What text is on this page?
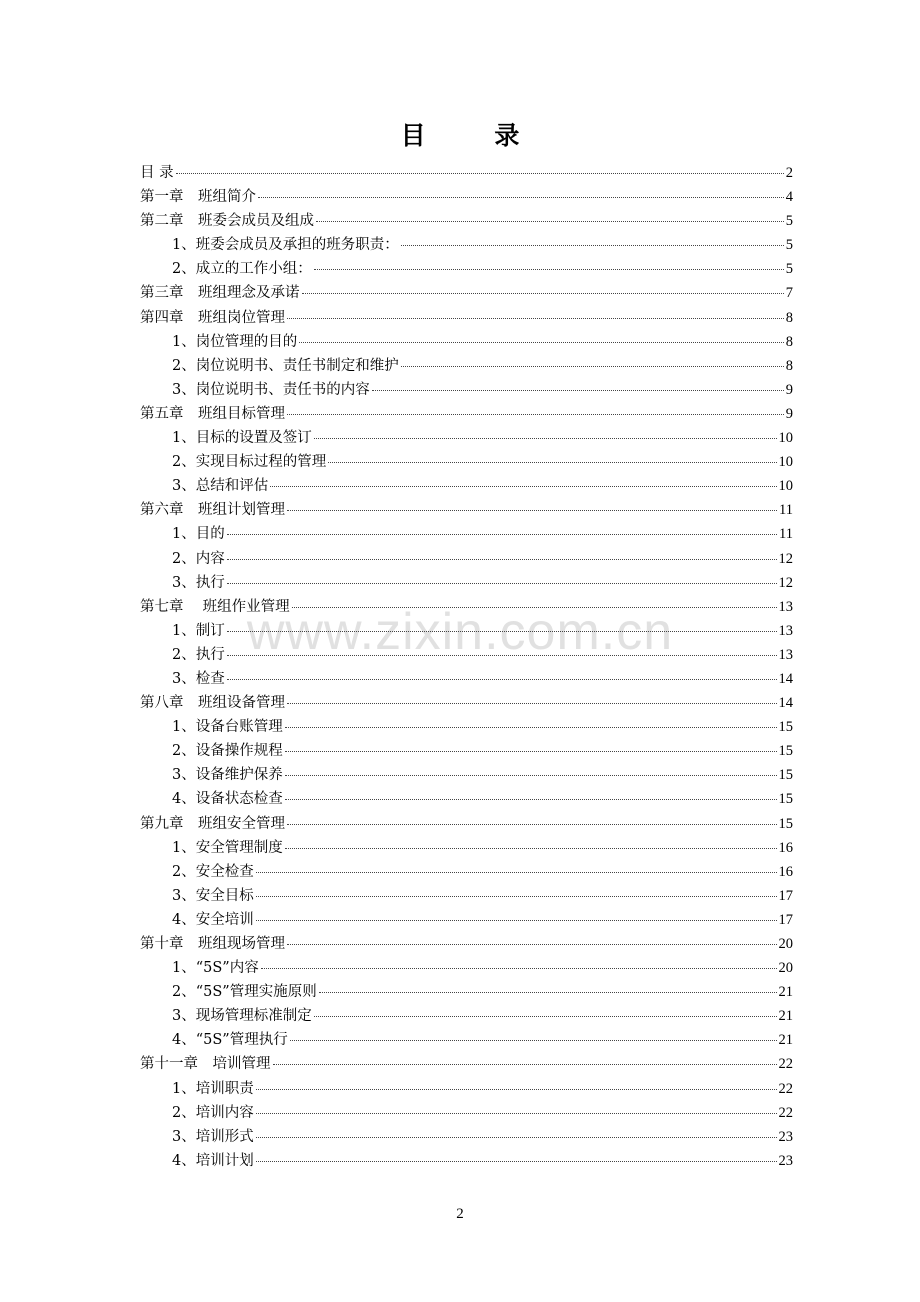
目 录
www.zixin.com.cn
目 录	2
第一章　班组简介	4
第二章　班委会成员及组成	5
1、班委会成员及承担的班务职责：	5
2、成立的工作小组：	5
第三章　班组理念及承诺	7
第四章　班组岗位管理	8
1、岗位管理的目的	8
2、岗位说明书、责任书制定和维护	8
3、岗位说明书、责任书的内容	9
第五章　班组目标管理	9
1、目标的设置及签订	10
2、实现目标过程的管理	10
3、总结和评估	10
第六章　班组计划管理	11
1、目的	11
2、内容	12
3、执行	12
第七章　 班组作业管理	13
1、制订	13
2、执行	13
3、检查	14
第八章　班组设备管理	14
1、设备台账管理	15
2、设备操作规程	15
3、设备维护保养	15
4、设备状态检查	15
第九章　班组安全管理	15
1、安全管理制度	16
2、安全检查	16
3、安全目标	17
4、安全培训	17
第十章　班组现场管理	20
1、“5S”内容	20
2、“5S”管理实施原则	21
3、现场管理标准制定	21
4、“5S”管理执行	21
第十一章　培训管理	22
1、培训职责	22
2、培训内容	22
3、培训形式	23
4、培训计划	23
2
